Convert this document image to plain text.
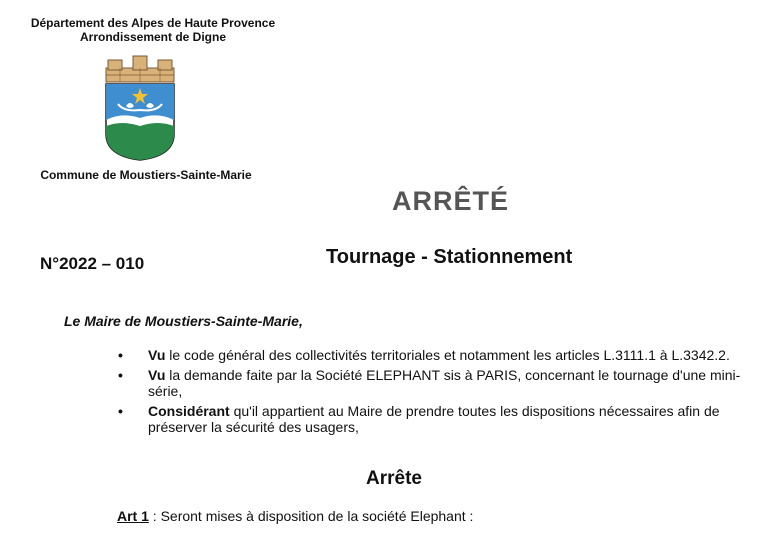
Département des Alpes de Haute Provence
Arrondissement de Digne
Commune de Moustiers-Sainte-Marie
ARRÊTÉ
N°2022 – 010	Tournage - Stationnement
Le Maire de Moustiers-Sainte-Marie,
• Vu le code général des collectivités territoriales et notamment les articles L.3111.1 à L.3342.2.
• Vu la demande faite par la Société ELEPHANT sis à PARIS, concernant le tournage d'une mini-série,
• Considérant qu'il appartient au Maire de prendre toutes les dispositions nécessaires afin de préserver la sécurité des usagers,
Arrête
Art 1 : Seront mises à disposition de la société Elephant :
